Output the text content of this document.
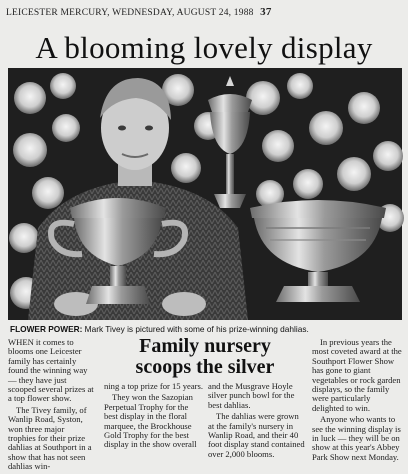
LEICESTER MERCURY, WEDNESDAY, AUGUST 24, 1988 37
A blooming lovely display
FLOWER POWER: Mark Tivey is pictured with some of his prize-winning dahlias.

WHEN it comes to blooms one Leicester family has certainly found the winning way — they have just scooped several prizes at a top flower show.

The Tivey family, of Wanlip Road, Syston, won three major trophies for their prize dahlias at Southport in a show that has not seen dahlias win-

Family nursery
scoops the silver

ning a top prize for 15 years.

They won the Sazopian Perpetual Trophy for the best display in the floral marquee, the Brockhouse Gold Trophy for the best display in the show overall

and the Musgrave Hoyle silver punch bowl for the best dahlias.

The dahlias were grown at the family's nursery in Wanlip Road, and their 40 foot display stand contained over 2,000 blooms.

In previous years the most coveted award at the Southport Flower Show has gone to giant vegetables or rock garden displays, so the family were particularly delighted to win.

Anyone who wants to see the winning display is in luck — they will be on show at this year's Abbey Park Show next Monday.
